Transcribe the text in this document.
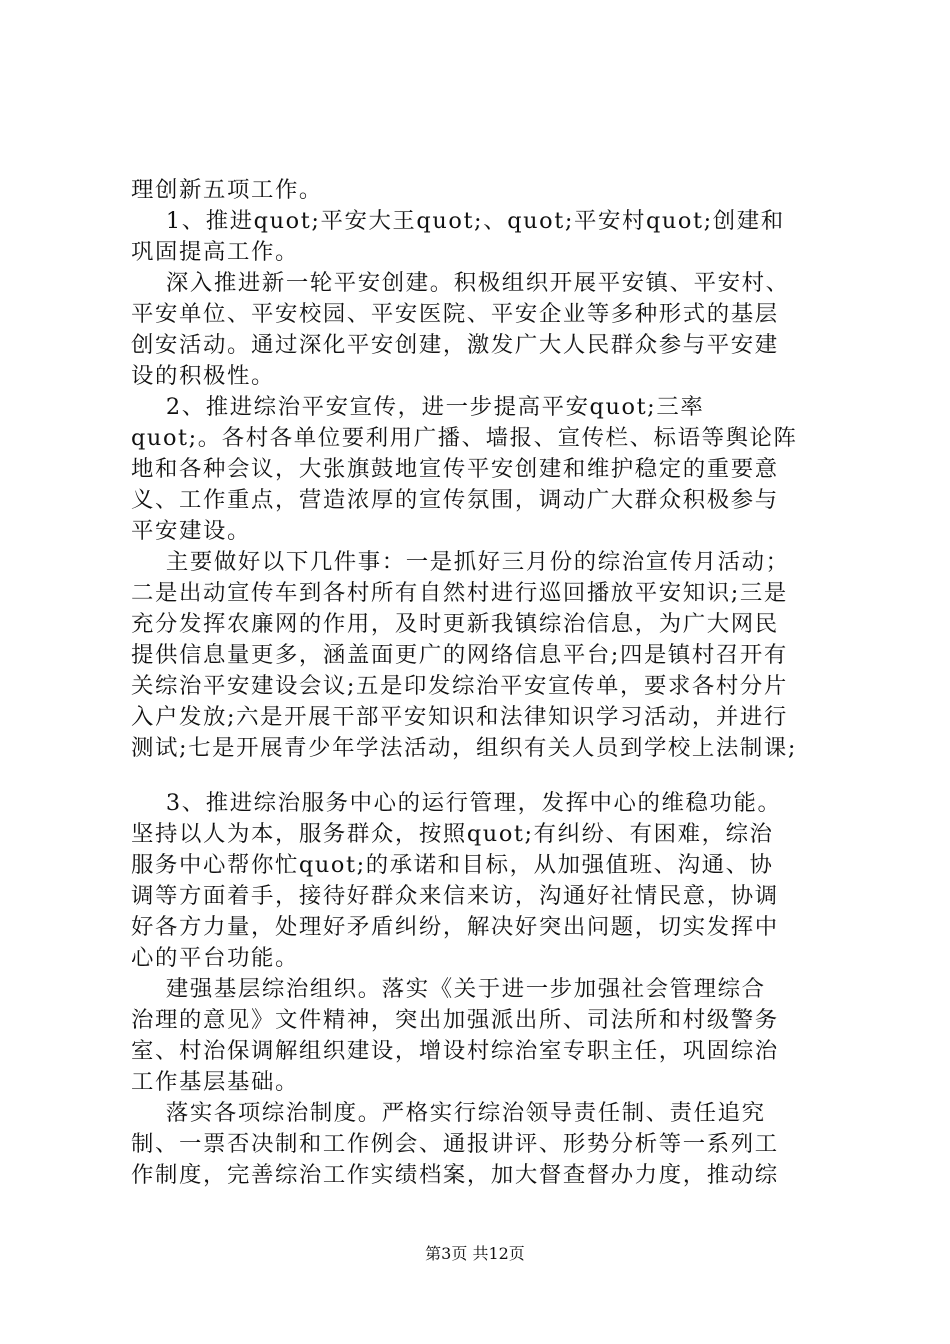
理创新五项工作。
1、推进quot;平安大王quot;、quot;平安村quot;创建和
巩固提高工作。
深入推进新一轮平安创建。积极组织开展平安镇、平安村、
平安单位、平安校园、平安医院、平安企业等多种形式的基层
创安活动。通过深化平安创建，激发广大人民群众参与平安建
设的积极性。
2、推进综治平安宣传，进一步提高平安quot;三率
quot;。各村各单位要利用广播、墙报、宣传栏、标语等舆论阵
地和各种会议，大张旗鼓地宣传平安创建和维护稳定的重要意
义、工作重点，营造浓厚的宣传氛围，调动广大群众积极参与
平安建设。
主要做好以下几件事：一是抓好三月份的综治宣传月活动；
二是出动宣传车到各村所有自然村进行巡回播放平安知识;三是
充分发挥农廉网的作用，及时更新我镇综治信息，为广大网民
提供信息量更多，涵盖面更广的网络信息平台;四是镇村召开有
关综治平安建设会议;五是印发综治平安宣传单，要求各村分片
入户发放;六是开展干部平安知识和法律知识学习活动，并进行
测试;七是开展青少年学法活动，组织有关人员到学校上法制课;
3、推进综治服务中心的运行管理，发挥中心的维稳功能。
坚持以人为本，服务群众，按照quot;有纠纷、有困难，综治
服务中心帮你忙quot;的承诺和目标，从加强值班、沟通、协
调等方面着手，接待好群众来信来访，沟通好社情民意，协调
好各方力量，处理好矛盾纠纷，解决好突出问题，切实发挥中
心的平台功能。
建强基层综治组织。落实《关于进一步加强社会管理综合
治理的意见》文件精神，突出加强派出所、司法所和村级警务
室、村治保调解组织建设，增设村综治室专职主任，巩固综治
工作基层基础。
落实各项综治制度。严格实行综治领导责任制、责任追究
制、一票否决制和工作例会、通报讲评、形势分析等一系列工
作制度，完善综治工作实绩档案，加大督查督办力度，推动综
第3页 共12页
